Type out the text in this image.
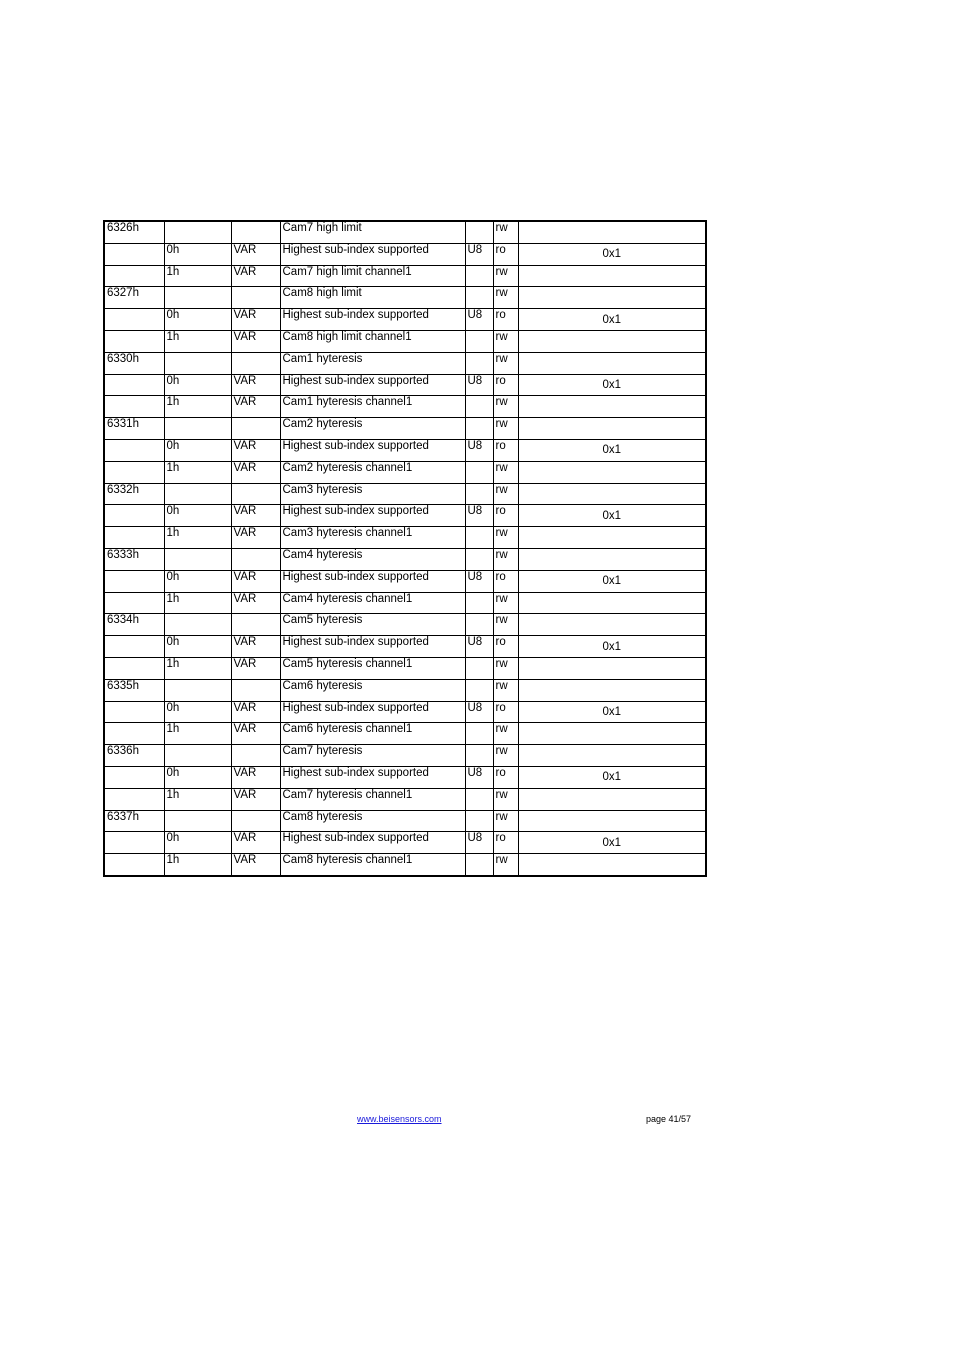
6326h			Cam7 high limit		rw	
	0h	VAR	Highest sub-index supported	U8	ro	0x1
	1h	VAR	Cam7 high limit channel1		rw	
6327h			Cam8 high limit		rw	
	0h	VAR	Highest sub-index supported	U8	ro	0x1
	1h	VAR	Cam8 high limit channel1		rw	
6330h			Cam1 hyteresis		rw	
	0h	VAR	Highest sub-index supported	U8	ro	0x1
	1h	VAR	Cam1 hyteresis channel1		rw	
6331h			Cam2 hyteresis		rw	
	0h	VAR	Highest sub-index supported	U8	ro	0x1
	1h	VAR	Cam2 hyteresis channel1		rw	
6332h			Cam3 hyteresis		rw	
	0h	VAR	Highest sub-index supported	U8	ro	0x1
	1h	VAR	Cam3 hyteresis channel1		rw	
6333h			Cam4 hyteresis		rw	
	0h	VAR	Highest sub-index supported	U8	ro	0x1
	1h	VAR	Cam4 hyteresis channel1		rw	
6334h			Cam5 hyteresis		rw	
	0h	VAR	Highest sub-index supported	U8	ro	0x1
	1h	VAR	Cam5 hyteresis channel1		rw	
6335h			Cam6 hyteresis		rw	
	0h	VAR	Highest sub-index supported	U8	ro	0x1
	1h	VAR	Cam6 hyteresis channel1		rw	
6336h			Cam7 hyteresis		rw	
	0h	VAR	Highest sub-index supported	U8	ro	0x1
	1h	VAR	Cam7 hyteresis channel1		rw	
6337h			Cam8 hyteresis		rw	
	0h	VAR	Highest sub-index supported	U8	ro	0x1
	1h	VAR	Cam8 hyteresis channel1		rw	
www.beisensors.com	page 41/57
